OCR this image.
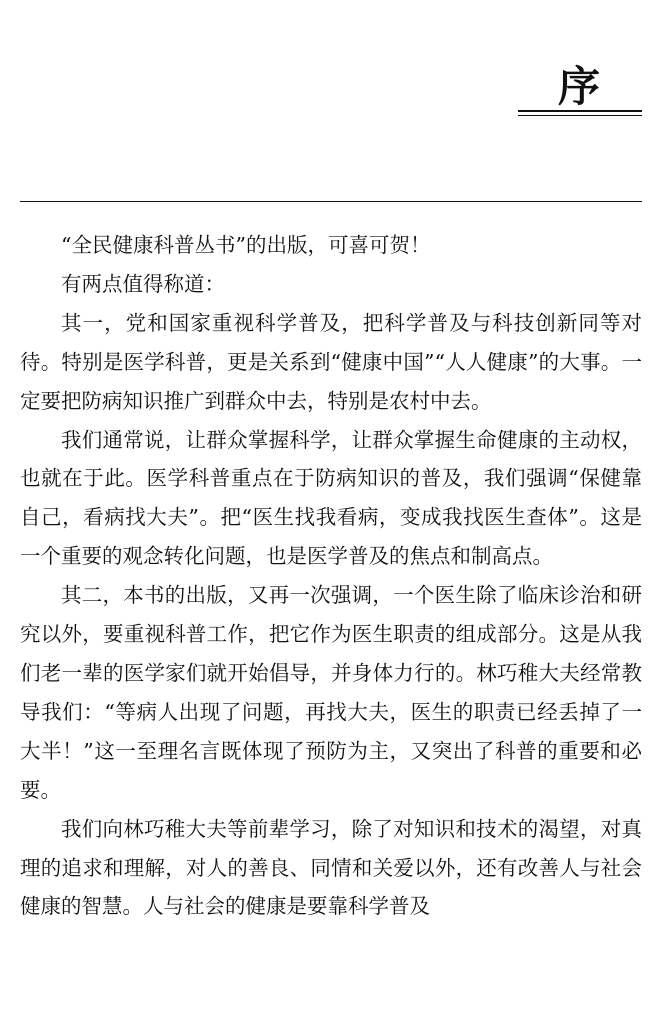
序

“全民健康科普丛书”的出版，可喜可贺！

有两点值得称道：

其一，党和国家重视科学普及，把科学普及与科技创新同等对待。特别是医学科普，更是关系到“健康中国”“人人健康”的大事。一定要把防病知识推广到群众中去，特别是农村中去。

我们通常说，让群众掌握科学，让群众掌握生命健康的主动权，也就在于此。医学科普重点在于防病知识的普及，我们强调“保健靠自己，看病找大夫”。把“医生找我看病，变成我找医生查体”。这是一个重要的观念转化问题，也是医学普及的焦点和制高点。

其二，本书的出版，又再一次强调，一个医生除了临床诊治和研究以外，要重视科普工作，把它作为医生职责的组成部分。这是从我们老一辈的医学家们就开始倡导，并身体力行的。林巧稚大夫经常教导我们：“等病人出现了问题，再找大夫，医生的职责已经丢掉了一大半！”这一至理名言既体现了预防为主，又突出了科普的重要和必要。

我们向林巧稚大夫等前辈学习，除了对知识和技术的渴望，对真理的追求和理解，对人的善良、同情和关爱以外，还有改善人与社会健康的智慧。人与社会的健康是要靠科学普及
